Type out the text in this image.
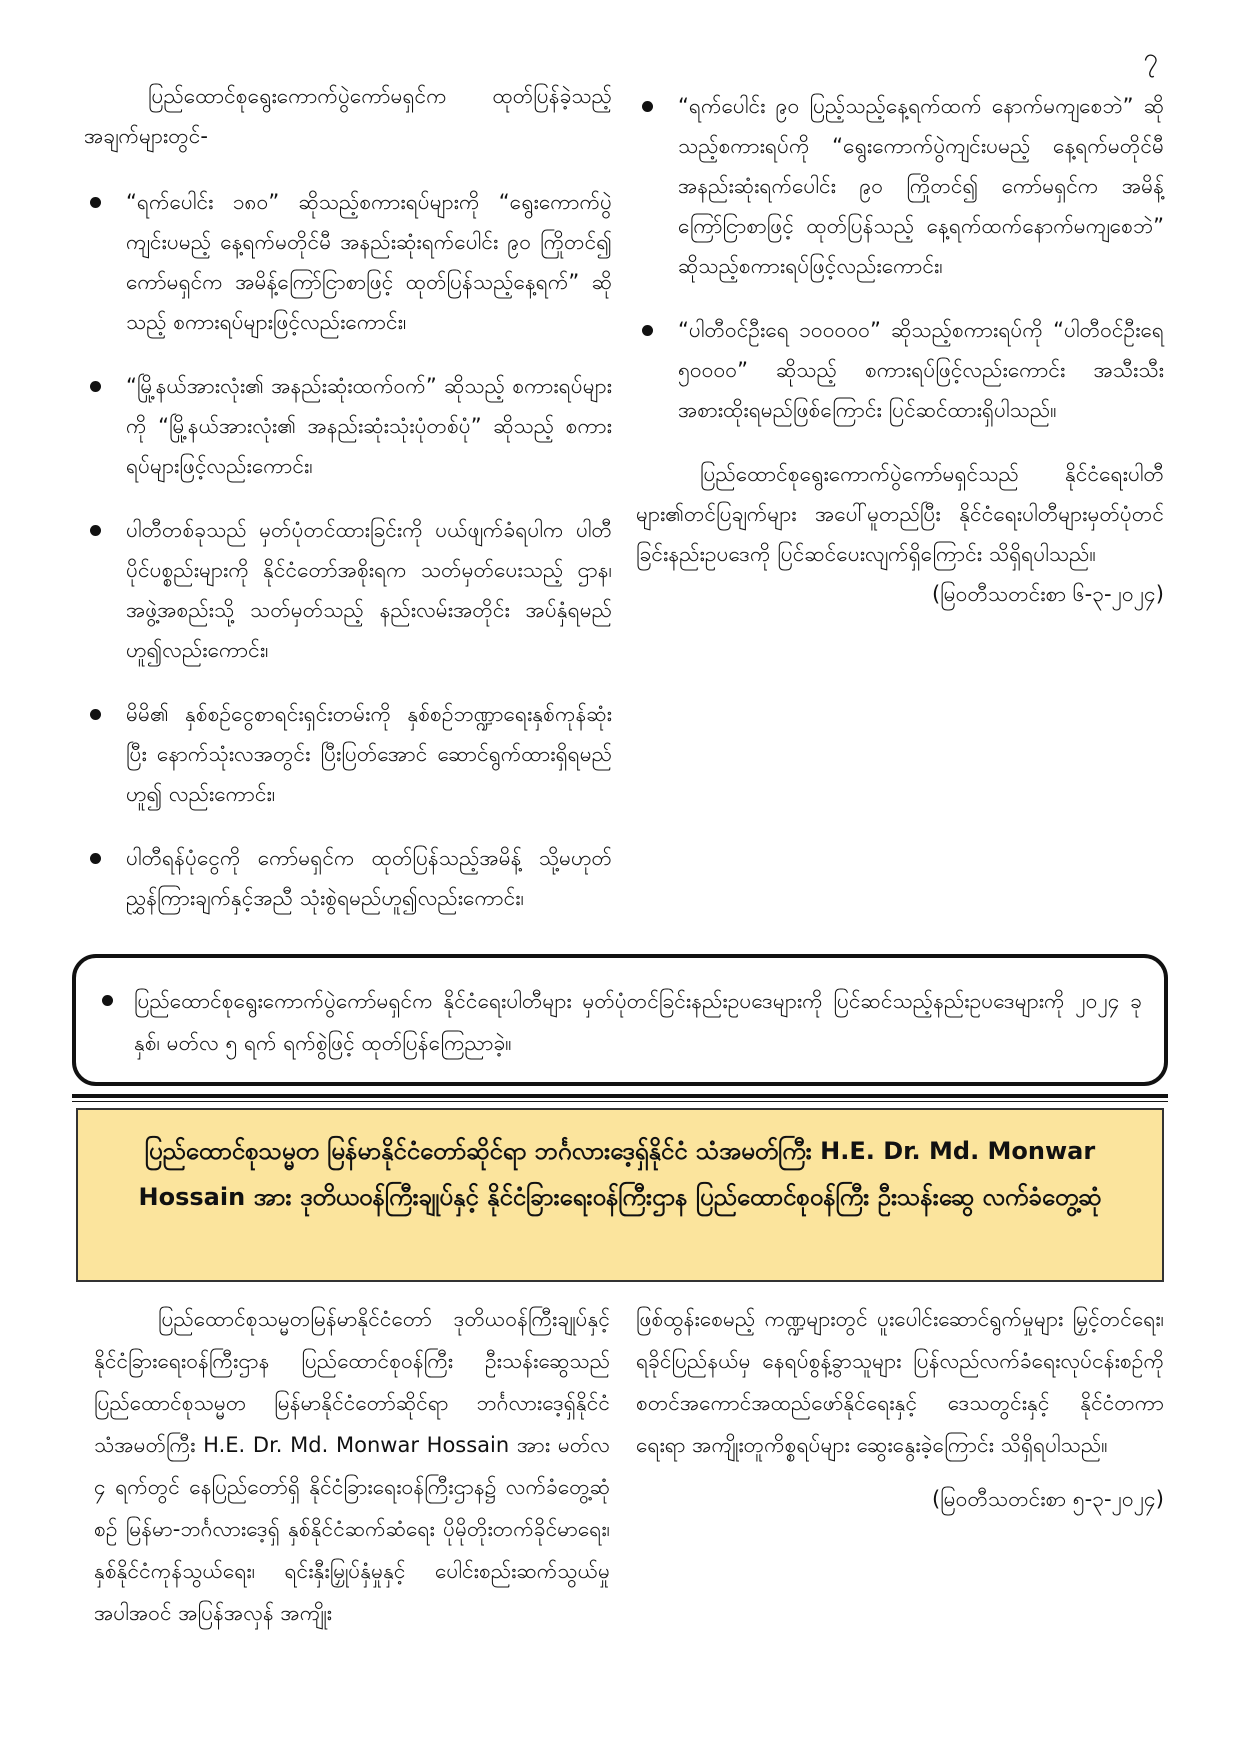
၇

ပြည်ထောင်စုရွေးကောက်ပွဲကော်မရှင်က ထုတ်ပြန်ခဲ့သည့်အချက်များတွင်-

“ရက်ပေါင်း ၁၈၀” ဆိုသည့်စကားရပ်များကို “ရွေးကောက်ပွဲကျင်းပမည့် နေ့ရက်မတိုင်မီ အနည်းဆုံးရက်ပေါင်း ၉၀ ကြိုတင်၍ ကော်မရှင်က အမိန့်ကြော်ငြာစာဖြင့် ထုတ်ပြန်သည့်နေ့ရက်” ဆိုသည့် စကားရပ်များဖြင့်လည်းကောင်း၊
“မြို့နယ်အားလုံး၏ အနည်းဆုံးထက်ဝက်” ဆိုသည့် စကားရပ်များကို “မြို့နယ်အားလုံး၏ အနည်းဆုံးသုံးပုံတစ်ပုံ” ဆိုသည့် စကားရပ်များဖြင့်လည်းကောင်း၊
ပါတီတစ်ခုသည် မှတ်ပုံတင်ထားခြင်းကို ပယ်ဖျက်ခံရပါက ပါတီပိုင်ပစ္စည်းများကို နိုင်ငံတော်အစိုးရက သတ်မှတ်ပေးသည့် ဌာန၊ အဖွဲ့အစည်းသို့ သတ်မှတ်သည့် နည်းလမ်းအတိုင်း အပ်နှံရမည်ဟူ၍လည်းကောင်း၊
မိမိ၏ နှစ်စဉ်ငွေစာရင်းရှင်းတမ်းကို နှစ်စဉ်ဘဏ္ဍာရေးနှစ်ကုန်ဆုံးပြီး နောက်သုံးလအတွင်း ပြီးပြတ်အောင် ဆောင်ရွက်ထားရှိရမည်ဟူ၍ လည်းကောင်း၊
ပါတီရန်ပုံငွေကို ကော်မရှင်က ထုတ်ပြန်သည့်အမိန့် သို့မဟုတ် ညွှန်ကြားချက်နှင့်အညီ သုံးစွဲရမည်ဟူ၍လည်းကောင်း၊
“ရက်ပေါင်း ၉၀ ပြည့်သည့်နေ့ရက်ထက် နောက်မကျစေဘဲ” ဆိုသည့်စကားရပ်ကို “ရွေးကောက်ပွဲကျင်းပမည့် နေ့ရက်မတိုင်မီ အနည်းဆုံးရက်ပေါင်း ၉၀ ကြိုတင်၍ ကော်မရှင်က အမိန့်ကြော်ငြာစာဖြင့် ထုတ်ပြန်သည့် နေ့ရက်ထက်နောက်မကျစေဘဲ” ဆိုသည့်စကားရပ်ဖြင့်လည်းကောင်း၊
“ပါတီဝင်ဦးရေ ၁၀၀၀၀၀” ဆိုသည့်စကားရပ်ကို “ပါတီဝင်ဦးရေ ၅၀၀၀၀” ဆိုသည့် စကားရပ်ဖြင့်လည်းကောင်း အသီးသီးအစားထိုးရမည်ဖြစ်ကြောင်း ပြင်ဆင်ထားရှိပါသည်။

ပြည်ထောင်စုရွေးကောက်ပွဲကော်မရှင်သည် နိုင်ငံရေးပါတီများ၏တင်ပြချက်များ အပေါ်မူတည်ပြီး နိုင်ငံရေးပါတီများမှတ်ပုံတင်ခြင်းနည်းဥပဒေကို ပြင်ဆင်ပေးလျက်ရှိကြောင်း သိရှိရပါသည်။

(မြဝတီသတင်းစာ ၆-၃-၂၀၂၄)

ပြည်ထောင်စုရွေးကောက်ပွဲကော်မရှင်က နိုင်ငံရေးပါတီများ မှတ်ပုံတင်ခြင်းနည်းဥပဒေများကို ပြင်ဆင်သည့်နည်းဥပဒေများကို ၂၀၂၄ ခုနှစ်၊ မတ်လ ၅ ရက် ရက်စွဲဖြင့် ထုတ်ပြန်ကြေညာခဲ့။
ပြည်ထောင်စုသမ္မတ မြန်မာနိုင်ငံတော်ဆိုင်ရာ ဘင်္ဂလားဒေ့ရှ်နိုင်ငံ သံအမတ်ကြီး H.E. Dr. Md. Monwar Hossain အား ဒုတိယဝန်ကြီးချုပ်နှင့် နိုင်ငံခြားရေးဝန်ကြီးဌာန ပြည်ထောင်စုဝန်ကြီး ဦးသန်းဆွေ လက်ခံတွေ့ဆုံ

ပြည်ထောင်စုသမ္မတမြန်မာနိုင်ငံတော် ဒုတိယဝန်ကြီးချုပ်နှင့် နိုင်ငံခြားရေးဝန်ကြီးဌာန ပြည်ထောင်စုဝန်ကြီး ဦးသန်းဆွေသည် ပြည်ထောင်စုသမ္မတ မြန်မာနိုင်ငံတော်ဆိုင်ရာ ဘင်္ဂလားဒေ့ရှ်နိုင်ငံ သံအမတ်ကြီး H.E. Dr. Md. Monwar Hossain အား မတ်လ ၄ ရက်တွင် နေပြည်တော်ရှိ နိုင်ငံခြားရေးဝန်ကြီးဌာန၌ လက်ခံတွေ့ဆုံစဉ် မြန်မာ-ဘင်္ဂလားဒေ့ရှ် နှစ်နိုင်ငံဆက်ဆံရေး ပိုမိုတိုးတက်ခိုင်မာရေး၊ နှစ်နိုင်ငံကုန်သွယ်ရေး၊ ရင်းနှီးမြှုပ်နှံမှုနှင့် ပေါင်းစည်းဆက်သွယ်မှုအပါအဝင် အပြန်အလှန် အကျိုး

ဖြစ်ထွန်းစေမည့် ကဏ္ဍများတွင် ပူးပေါင်းဆောင်ရွက်မှုများ မြှင့်တင်ရေး၊ ရခိုင်ပြည်နယ်မှ နေရပ်စွန့်ခွာသူများ ပြန်လည်လက်ခံရေးလုပ်ငန်းစဉ်ကို စတင်အကောင်အထည်ဖော်နိုင်ရေးနှင့် ဒေသတွင်းနှင့် နိုင်ငံတကာရေးရာ အကျိုးတူကိစ္စရပ်များ ဆွေးနွေးခဲ့ကြောင်း သိရှိရပါသည်။

(မြဝတီသတင်းစာ ၅-၃-၂၀၂၄)
